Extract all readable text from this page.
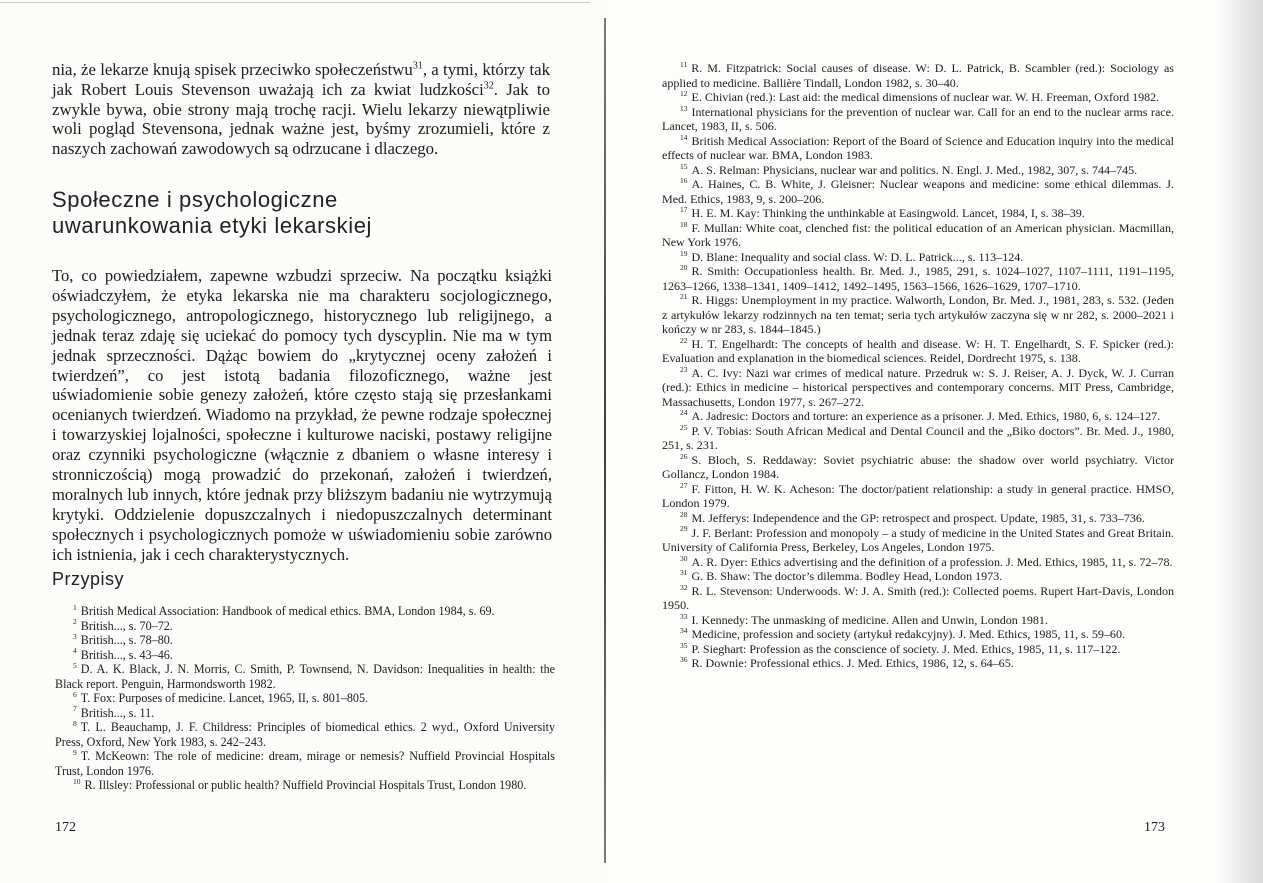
nia, że lekarze knują spisek przeciwko społeczeństwu$^{31}$, a tymi, którzy tak jak Robert Louis Stevenson uważają ich za kwiat ludzkości$^{32}$. Jak to zwykle bywa, obie strony mają trochę racji. Wielu lekarzy niewątpliwie woli pogląd Stevensona, jednak ważne jest, byśmy zrozumieli, które z naszych zachowań zawodowych są odrzucane i dlaczego.

Społeczne i psychologiczne
uwarunkowania etyki lekarskiej

To, co powiedziałem, zapewne wzbudzi sprzeciw. Na początku książki oświadczyłem, że etyka lekarska nie ma charakteru socjologicznego, psychologicznego, antropologicznego, historycznego lub religijnego, a jednak teraz zdaję się uciekać do pomocy tych dyscyplin. Nie ma w tym jednak sprzeczności. Dążąc bowiem do „krytycznej oceny założeń i twierdzeń”, co jest istotą badania filozoficznego, ważne jest uświadomienie sobie genezy założeń, które często stają się przesłankami ocenianych twierdzeń. Wiadomo na przykład, że pewne rodzaje społecznej i towarzyskiej lojalności, społeczne i kulturowe naciski, postawy religijne oraz czynniki psychologiczne (włącznie z dbaniem o własne interesy i stronniczością) mogą prowadzić do przekonań, założeń i twierdzeń, moralnych lub innych, które jednak przy bliższym badaniu nie wytrzymują krytyki. Oddzielenie dopuszczalnych i niedopuszczalnych determinant społecznych i psychologicznych pomoże w uświadomieniu sobie zarówno ich istnienia, jak i cech charakterystycznych.

Przypisy
$^1$ British Medical Association: Handbook of medical ethics. BMA, London 1984, s. 69.
$^2$ British..., s. 70–72.
$^3$ British..., s. 78–80.
$^4$ British..., s. 43–46.
$^5$ D. A. K. Black, J. N. Morris, C. Smith, P. Townsend, N. Davidson: Inequalities in health: the Black report. Penguin, Harmondsworth 1982.
$^6$ T. Fox: Purposes of medicine. Lancet, 1965, II, s. 801–805.
$^7$ British..., s. 11.
$^8$ T. L. Beauchamp, J. F. Childress: Principles of biomedical ethics. 2 wyd., Oxford University Press, Oxford, New York 1983, s. 242–243.
$^9$ T. McKeown: The role of medicine: dream, mirage or nemesis? Nuffield Provincial Hospitals Trust, London 1976.
$^{10}$ R. Illsley: Professional or public health? Nuffield Provincial Hospitals Trust, London 1980.

172

$^{11}$ R. M. Fitzpatrick: Social causes of disease. W: D. L. Patrick, B. Scambler (red.): Sociology as applied to medicine. Ballière Tindall, London 1982, s. 30–40.
$^{12}$ E. Chivian (red.): Last aid: the medical dimensions of nuclear war. W. H. Freeman, Oxford 1982.
$^{13}$ International physicians for the prevention of nuclear war. Call for an end to the nuclear arms race. Lancet, 1983, II, s. 506.
$^{14}$ British Medical Association: Report of the Board of Science and Education inquiry into the medical effects of nuclear war. BMA, London 1983.
$^{15}$ A. S. Relman: Physicians, nuclear war and politics. N. Engl. J. Med., 1982, 307, s. 744–745.
$^{16}$ A. Haines, C. B. White, J. Gleisner: Nuclear weapons and medicine: some ethical dilemmas. J. Med. Ethics, 1983, 9, s. 200–206.
$^{17}$ H. E. M. Kay: Thinking the unthinkable at Easingwold. Lancet, 1984, I, s. 38–39.
$^{18}$ F. Mullan: White coat, clenched fist: the political education of an American physician. Macmillan, New York 1976.
$^{19}$ D. Blane: Inequality and social class. W: D. L. Patrick..., s. 113–124.
$^{20}$ R. Smith: Occupationless health. Br. Med. J., 1985, 291, s. 1024–1027, 1107–1111, 1191–1195, 1263–1266, 1338–1341, 1409–1412, 1492–1495, 1563–1566, 1626–1629, 1707–1710.
$^{21}$ R. Higgs: Unemployment in my practice. Walworth, London, Br. Med. J., 1981, 283, s. 532. (Jeden z artykułów lekarzy rodzinnych na ten temat; seria tych artykułów zaczyna się w nr 282, s. 2000–2021 i kończy w nr 283, s. 1844–1845.)
$^{22}$ H. T. Engelhardt: The concepts of health and disease. W: H. T. Engelhardt, S. F. Spicker (red.): Evaluation and explanation in the biomedical sciences. Reidel, Dordrecht 1975, s. 138.
$^{23}$ A. C. Ivy: Nazi war crimes of medical nature. Przedruk w: S. J. Reiser, A. J. Dyck, W. J. Curran (red.): Ethics in medicine – historical perspectives and contemporary concerns. MIT Press, Cambridge, Massachusetts, London 1977, s. 267–272.
$^{24}$ A. Jadresic: Doctors and torture: an experience as a prisoner. J. Med. Ethics, 1980, 6, s. 124–127.
$^{25}$ P. V. Tobias: South African Medical and Dental Council and the „Biko doctors”. Br. Med. J., 1980, 251, s. 231.
$^{26}$ S. Bloch, S. Reddaway: Soviet psychiatric abuse: the shadow over world psychiatry. Victor Gollancz, London 1984.
$^{27}$ F. Fitton, H. W. K. Acheson: The doctor/patient relationship: a study in general practice. HMSO, London 1979.
$^{28}$ M. Jefferys: Independence and the GP: retrospect and prospect. Update, 1985, 31, s. 733–736.
$^{29}$ J. F. Berlant: Profession and monopoly – a study of medicine in the United States and Great Britain. University of California Press, Berkeley, Los Angeles, London 1975.
$^{30}$ A. R. Dyer: Ethics advertising and the definition of a profession. J. Med. Ethics, 1985, 11, s. 72–78.
$^{31}$ G. B. Shaw: The doctor’s dilemma. Bodley Head, London 1973.
$^{32}$ R. L. Stevenson: Underwoods. W: J. A. Smith (red.): Collected poems. Rupert Hart-Davis, London 1950.
$^{33}$ I. Kennedy: The unmasking of medicine. Allen and Unwin, London 1981.
$^{34}$ Medicine, profession and society (artykuł redakcyjny). J. Med. Ethics, 1985, 11, s. 59–60.
$^{35}$ P. Sieghart: Profession as the conscience of society. J. Med. Ethics, 1985, 11, s. 117–122.
$^{36}$ R. Downie: Professional ethics. J. Med. Ethics, 1986, 12, s. 64–65.

173
